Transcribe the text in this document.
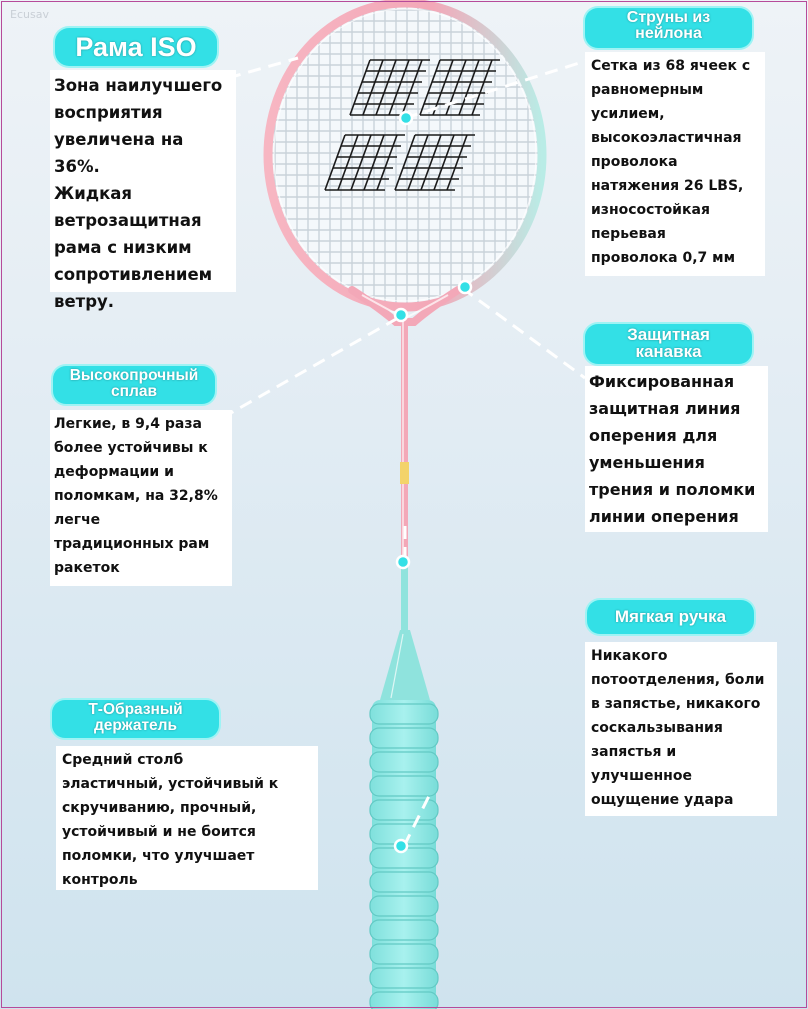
Ecusav
Рама ISO
Зона наилучшего
восприятия
увеличена на 36%.
Жидкая
ветрозащитная
рама с низким
сопротивлением
ветру.
Струны из
нейлона
Сетка из 68 ячеек с
равномерным
усилием,
высокоэластичная
проволока
натяжения 26 LBS,
износостойкая
перьевая
проволока 0,7 мм
Защитная
канавка
Фиксированная
защитная линия
оперения для
уменьшения
трения и поломки
линии оперения
Высокопрочный
сплав
Легкие, в 9,4 раза
более устойчивы к
деформации и
поломкам, на 32,8%
легче
традиционных рам
ракеток
Мягкая ручка
Никакого
потоотделения, боли
в запястье, никакого
соскальзывания
запястья и
улучшенное
ощущение удара
Т-Образный
держатель
Средний столб
эластичный, устойчивый к
скручиванию, прочный,
устойчивый и не боится
поломки, что улучшает
контроль
